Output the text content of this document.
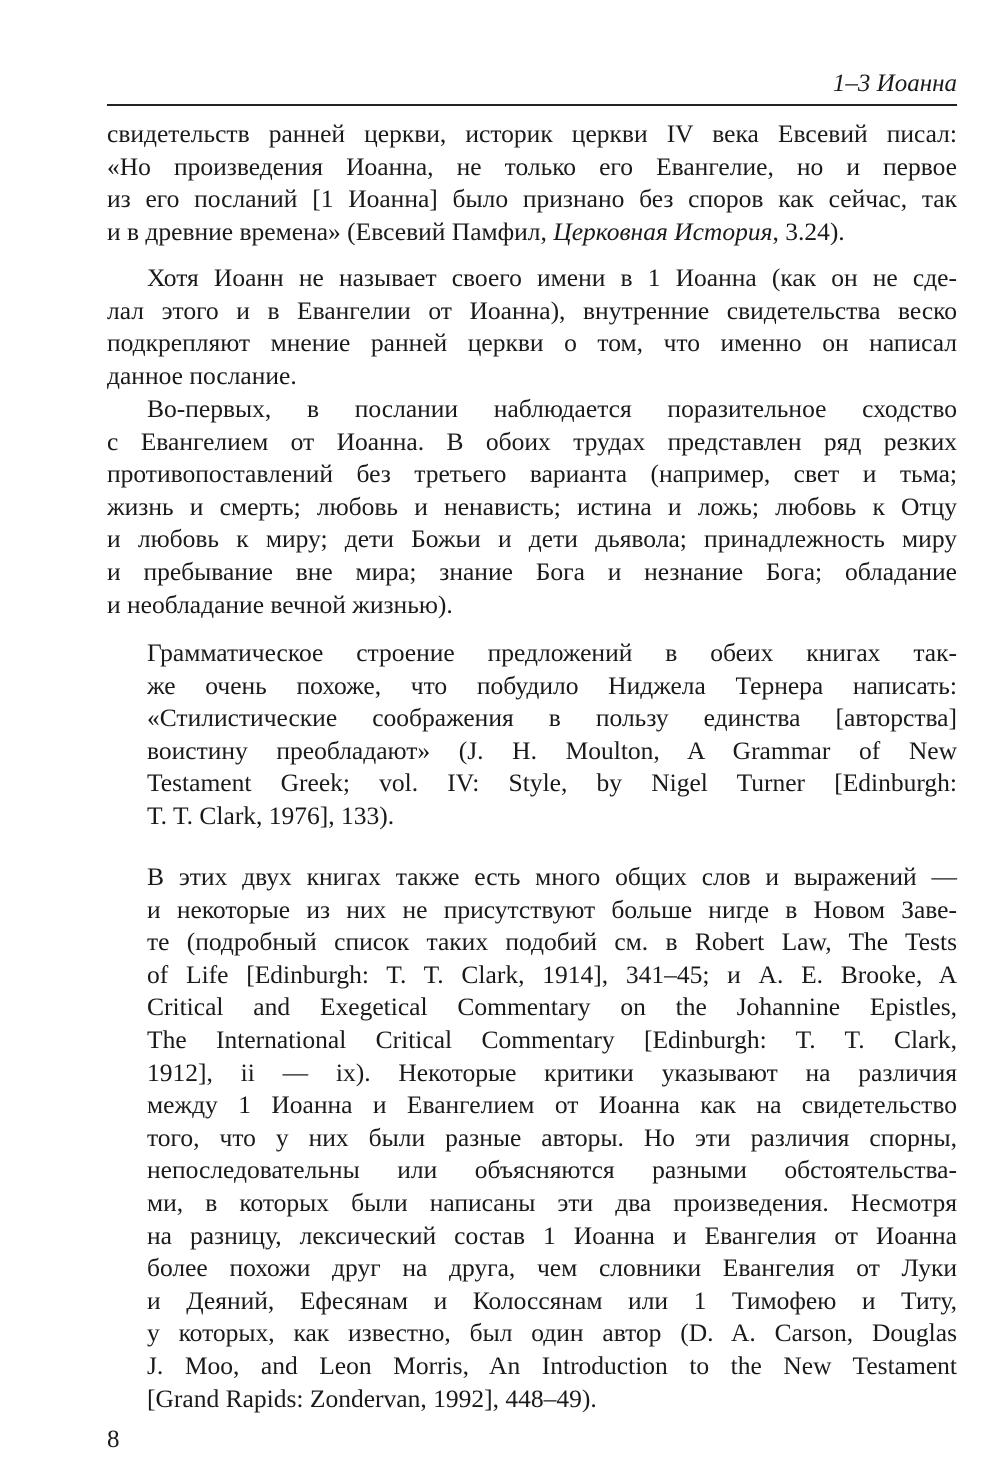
1–3 Иоанна
свидетельств ранней церкви, историк церкви IV века Евсевий писал:
«Но произведения Иоанна, не только его Евангелие, но и первое
из его посланий [1 Иоанна] было признано без споров как сейчас, так
и в древние времена» (Евсевий Памфил, Церковная История, 3.24).
Хотя Иоанн не называет своего имени в 1 Иоанна (как он не сде-
лал этого и в Евангелии от Иоанна), внутренние свидетельства веско
подкрепляют мнение ранней церкви о том, что именно он написал
данное послание.
Во-первых, в послании наблюдается поразительное сходство
с Евангелием от Иоанна. В обоих трудах представлен ряд резких
противопоставлений без третьего варианта (например, свет и тьма;
жизнь и смерть; любовь и ненависть; истина и ложь; любовь к Отцу
и любовь к миру; дети Божьи и дети дьявола; принадлежность миру
и пребывание вне мира; знание Бога и незнание Бога; обладание
и необладание вечной жизнью).
Грамматическое строение предложений в обеих книгах так-
же очень похоже, что побудило Ниджела Тернера написать:
«Стилистические соображения в пользу единства [авторства]
воистину преобладают» (J. H. Moulton, A Grammar of New
Testament Greek; vol. IV: Style, by Nigel Turner [Edinburgh:
T. T. Clark, 1976], 133).
В этих двух книгах также есть много общих слов и выражений —
и некоторые из них не присутствуют больше нигде в Новом Заве-
те (подробный список таких подобий см. в Robert Law, The Tests
of Life [Edinburgh: T. T. Clark, 1914], 341–45; и A. E. Brooke, A
Critical and Exegetical Commentary on the Johannine Epistles,
The International Critical Commentary [Edinburgh: T. T. Clark,
1912], ii — ix). Некоторые критики указывают на различия
между 1 Иоанна и Евангелием от Иоанна как на свидетельство
того, что у них были разные авторы. Но эти различия спорны,
непоследовательны или объясняются разными обстоятельства-
ми, в которых были написаны эти два произведения. Несмотря
на разницу, лексический состав 1 Иоанна и Евангелия от Иоанна
более похожи друг на друга, чем словники Евангелия от Луки
и Деяний, Ефесянам и Колоссянам или 1 Тимофею и Титу,
у которых, как известно, был один автор (D. A. Carson, Douglas
J. Moo, and Leon Morris, An Introduction to the New Testament
[Grand Rapids: Zondervan, 1992], 448–49).
8
